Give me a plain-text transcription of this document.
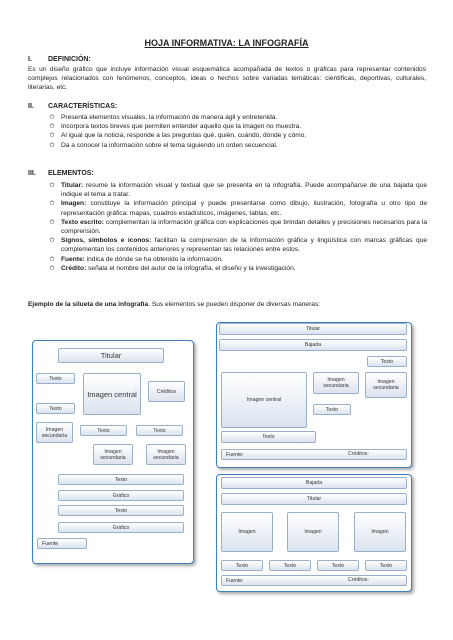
HOJA INFORMATIVA: LA INFOGRAFÍA
I. DEFINICIÓN:
Es un diseño gráfico que incluye información visual esquemática acompañada de textos o gráficas para representar contenidos complejos relacionados con fenómenos, conceptos, ideas o hechos sobre variadas temáticas: científicas, deportivas, culturales, literarias, etc.
II. CARACTERÍSTICAS:
✩ Presenta elementos visuales, la información de manera ágil y entretenida.
✩ Incorpora textos breves que permiten entender aquello que la imagen no muestra.
✩ Al igual que la noticia, responde a las preguntas qué, quién, cuándo, dónde y cómo.
✩ Da a conocer la información sobre el tema siguiendo un orden secuencial.
III. ELEMENTOS:
✩ Titular: resume la información visual y textual que se presenta en la infografía. Puede acompañarse de una bajada que indique el tema a tratar.
✩ Imagen: constituye la información principal y puede presentarse como dibujo, ilustración, fotografía u otro tipo de representación gráfica: mapas, cuadros estadísticos, imágenes, tablas, etc.
✩ Texto escrito: complementan la información gráfica con explicaciones que brindan detalles y precisiones necesarios para la comprensión.
✩ Signos, símbolos e íconos: facilitan la comprensión de la información gráfica y lingüística con marcas gráficas que complementan los contenidos anteriores y representan las relaciones entre estos.
✩ Fuente: indica de dónde se ha obtenido la información.
✩ Crédito: señala el nombre del autor de la infografía, el diseño y la investigación.
Ejemplo de la silueta de una infografía. Sus elementos se pueden disponer de diversas maneras:
Titular
Texto
Imagen central	Créditos
Texto
Imagen secundaria
Texto	Texto
Imagen secundaria
Imagen secundaria
Texto
Gráfico
Texto
Gráfico
Fuente
Titular
Bajada
Texto
Imagen central
Imagen secundaria
Imagen secundaria
Texto
Texto
Fuente:	Créditos:
Bajada
Titular
Imagen	Imagen	Imagen
Texto	Texto	Texto	Texto
Fuente:	Créditos:
